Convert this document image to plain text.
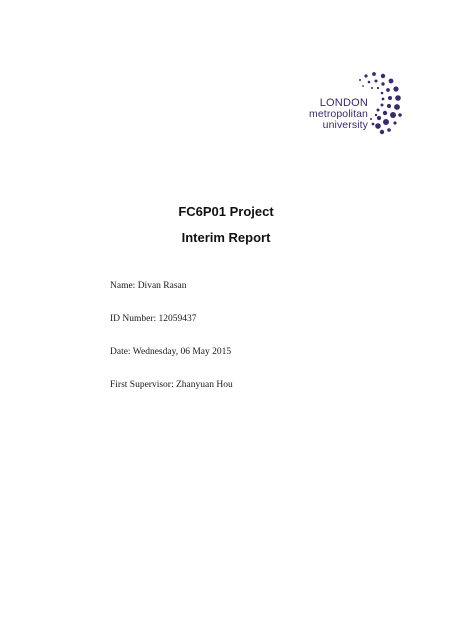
LONDON
metropolitan
university
FC6P01 Project
Interim Report
Name: Divan Rasan
ID Number: 12059437
Date: Wednesday, 06 May 2015
First Supervisor: Zhanyuan Hou
